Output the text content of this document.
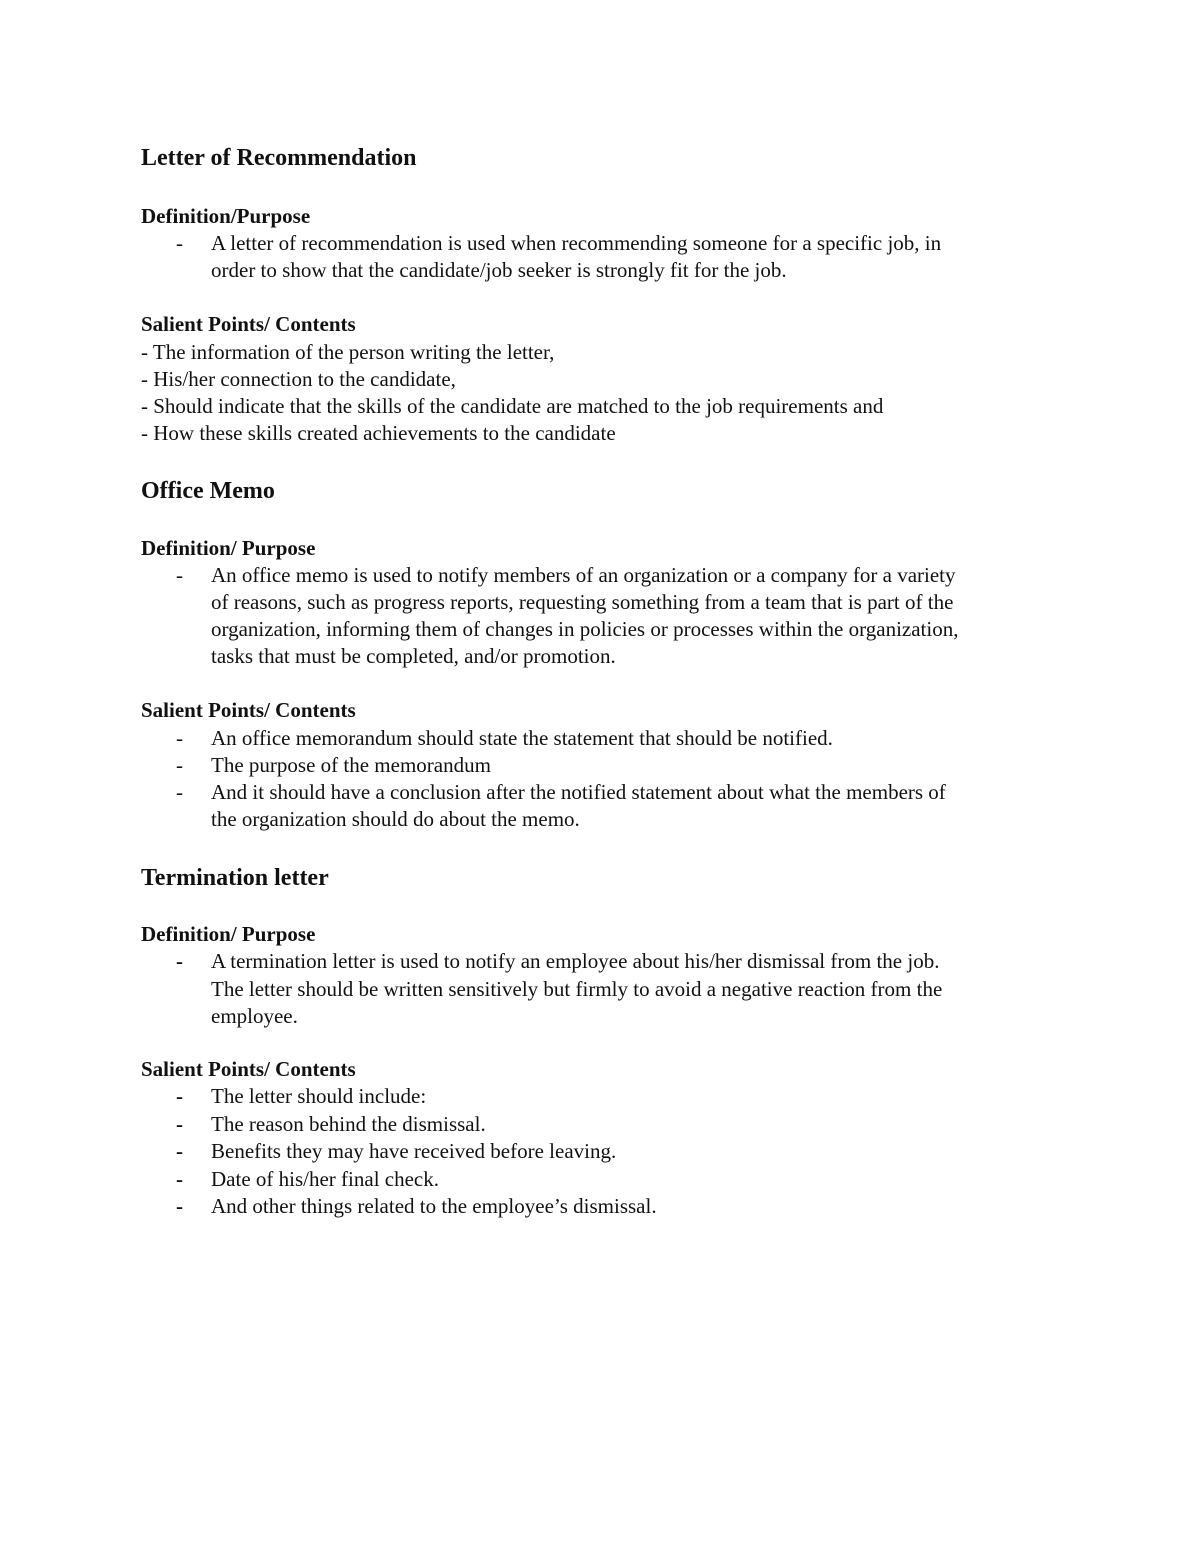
Letter of Recommendation
Definition/Purpose
- A letter of recommendation is used when recommending someone for a specific job, in
order to show that the candidate/job seeker is strongly fit for the job.
Salient Points/ Contents
- The information of the person writing the letter,
- His/her connection to the candidate,
- Should indicate that the skills of the candidate are matched to the job requirements and
- How these skills created achievements to the candidate
Office Memo
Definition/ Purpose
- An office memo is used to notify members of an organization or a company for a variety
of reasons, such as progress reports, requesting something from a team that is part of the
organization, informing them of changes in policies or processes within the organization,
tasks that must be completed, and/or promotion.
Salient Points/ Contents
- An office memorandum should state the statement that should be notified.
- The purpose of the memorandum
- And it should have a conclusion after the notified statement about what the members of
the organization should do about the memo.
Termination letter
Definition/ Purpose
- A termination letter is used to notify an employee about his/her dismissal from the job.
The letter should be written sensitively but firmly to avoid a negative reaction from the
employee.
Salient Points/ Contents
- The letter should include:
- The reason behind the dismissal.
- Benefits they may have received before leaving.
- Date of his/her final check.
- And other things related to the employee’s dismissal.
